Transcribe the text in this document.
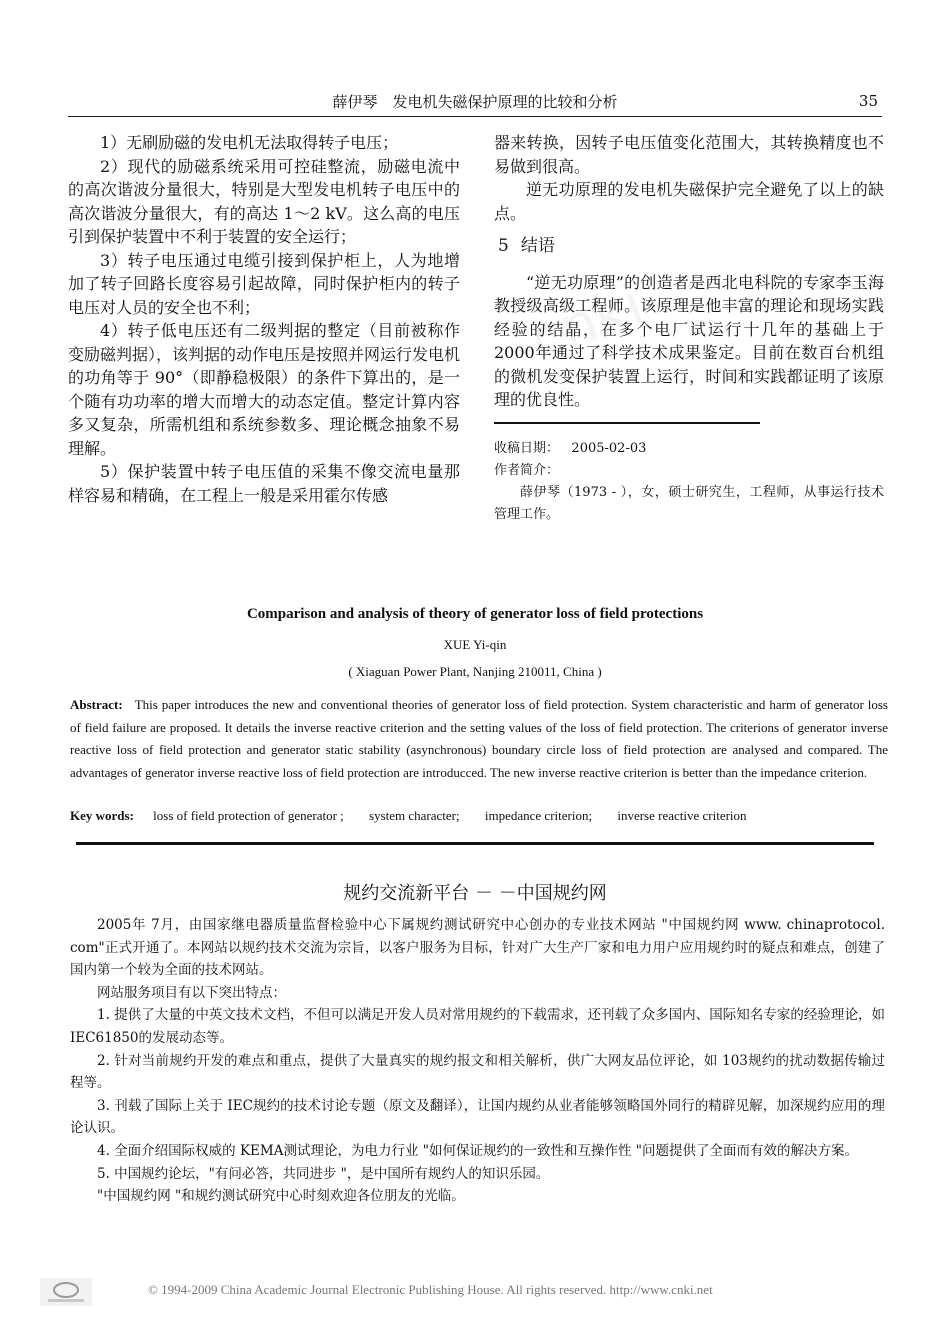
薛伊琴　发电机失磁保护原理的比较和分析	35

1）无刷励磁的发电机无法取得转子电压；

2）现代的励磁系统采用可控硅整流，励磁电流中的高次谐波分量很大，特别是大型发电机转子电压中的高次谐波分量很大，有的高达 1～2 kV。这么高的电压引到保护装置中不利于装置的安全运行；

3）转子电压通过电缆引接到保护柜上，人为地增加了转子回路长度容易引起故障，同时保护柜内的转子电压对人员的安全也不利；

4）转子低电压还有二级判据的整定（目前被称作变励磁判据），该判据的动作电压是按照并网运行发电机的功角等于 90°（即静稳极限）的条件下算出的，是一个随有功功率的增大而增大的动态定值。整定计算内容多又复杂，所需机组和系统参数多、理论概念抽象不易理解。

5）保护装置中转子电压值的采集不像交流电量那样容易和精确，在工程上一般是采用霍尔传感

器来转换，因转子电压值变化范围大，其转换精度也不易做到很高。

逆无功原理的发电机失磁保护完全避免了以上的缺点。

5 结语

“逆无功原理”的创造者是西北电科院的专家李玉海教授级高级工程师。该原理是他丰富的理论和现场实践经验的结晶，在多个电厂试运行十几年的基础上于 2000年通过了科学技术成果鉴定。目前在数百台机组的微机发变保护装置上运行，时间和实践都证明了该原理的优良性。

收稿日期： 2005-02-03

作者简介：

薛伊琴（1973 - ），女，硕士研究生，工程师，从事运行技术管理工作。

Comparison and analysis of theory of generator loss of field protections
XUE Yi-qin
( Xiaguan Power Plant, Nanjing 210011, China )
Abstract: This paper introduces the new and conventional theories of generator loss of field protection. System characteristic and harm of generator loss of field failure are proposed. It details the inverse reactive criterion and the setting values of the loss of field protection. The criterions of generator inverse reactive loss of field protection and generator static stability (asynchronous) boundary circle loss of field protection are analysed and compared. The advantages of generator inverse reactive loss of field protection are introducced. The new inverse reactive criterion is better than the impedance criterion.
Key words: loss of field protection of generator ; system character; impedance criterion; inverse reactive criterion
规约交流新平台 － －中国规约网

2005年 7月，由国家继电器质量监督检验中心下属规约测试研究中心创办的专业技术网站 "中国规约网 www. chinaprotocol. com"正式开通了。本网站以规约技术交流为宗旨，以客户服务为目标，针对广大生产厂家和电力用户应用规约时的疑点和难点，创建了国内第一个较为全面的技术网站。

网站服务项目有以下突出特点：

1. 提供了大量的中英文技术文档，不但可以满足开发人员对常用规约的下载需求，还刊载了众多国内、国际知名专家的经验理论，如 IEC61850的发展动态等。

2. 针对当前规约开发的难点和重点，提供了大量真实的规约报文和相关解析，供广大网友品位评论，如 103规约的扰动数据传输过程等。

3. 刊载了国际上关于 IEC规约的技术讨论专题（原文及翻译），让国内规约从业者能够领略国外同行的精辟见解，加深规约应用的理论认识。

4. 全面介绍国际权威的 KEMA测试理论，为电力行业 "如何保证规约的一致性和互操作性 "问题提供了全面而有效的解决方案。

5. 中国规约论坛，"有问必答，共同进步 "，是中国所有规约人的知识乐园。

"中国规约网 "和规约测试研究中心时刻欢迎各位朋友的光临。

© 1994-2009 China Academic Journal Electronic Publishing House. All rights reserved. http://www.cnki.net
